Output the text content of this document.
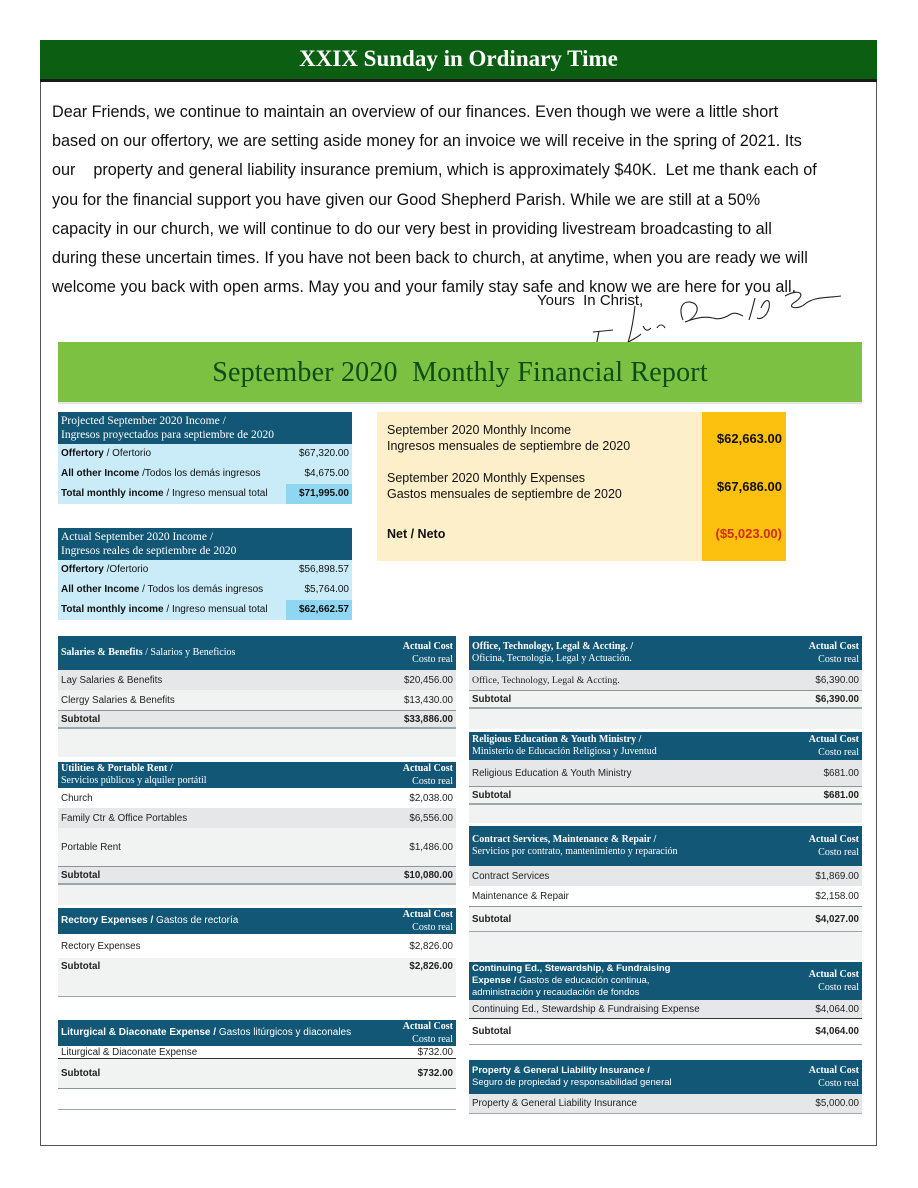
XXIX Sunday in Ordinary Time

Dear Friends, we continue to maintain an overview of our finances. Even though we were a little short

based on our offertory, we are setting aside money for an invoice we will receive in the spring of 2021. Its

our    property and general liability insurance premium, which is approximately $40K.  Let me thank each of

you for the financial support you have given our Good Shepherd Parish. While we are still at a 50%

capacity in our church, we will continue to do our very best in providing livestream broadcasting to all

during these uncertain times. If you have not been back to church, at anytime, when you are ready we will

welcome you back with open arms. May you and your family stay safe and know we are here for you all.

Yours  In Christ,
September 2020  Monthly Financial Report
Projected September 2020 Income /
Ingresos proyectados para septiembre de 2020
Offertory / Ofertorio	$67,320.00
All other Income /Todos los demás ingresos	$4,675.00
Total monthly income / Ingreso mensual total	$71,995.00
Actual September 2020 Income /
Ingresos reales de septiembre de 2020
Offertory /Ofertorio	$56,898.57
All other Income / Todos los demás ingresos	$5,764.00
Total monthly income / Ingreso mensual total	$62,662.57
September 2020 Monthly Income
Ingresos mensuales de septiembre de 2020	$62,663.00
September 2020 Monthly Expenses
Gastos mensuales de septiembre de 2020	$67,686.00
Net / Neto	($5,023.00)
Salaries & Benefits / Salarios y Beneficios
Actual Cost
Costo real
Lay Salaries & Benefits	$20,456.00
Clergy Salaries & Benefits	$13,430.00
Subtotal	$33,886.00
Utilities & Portable Rent /
Servicios públicos y alquiler portátil
Actual Cost
Costo real
Church	$2,038.00
Family Ctr & Office Portables	$6,556.00
Portable Rent	$1,486.00
Subtotal	$10,080.00
Rectory Expenses / Gastos de rectoría
Actual Cost
Costo real
Rectory Expenses	$2,826.00
Subtotal	$2,826.00
Liturgical & Diaconate Expense / Gastos litúrgicos y diaconales
Actual Cost
Costo real
Liturgical & Diaconate Expense	$732.00
Subtotal	$732.00
Office, Technology, Legal & Accting. /
Oficina, Tecnología, Legal y Actuación.
Actual Cost
Costo real
Office, Technology, Legal & Accting.	$6,390.00
Subtotal	$6,390.00
Religious Education & Youth Ministry /
Ministerio de Educación Religiosa y Juventud
Actual Cost
Costo real
Religious Education & Youth Ministry	$681.00
Subtotal	$681.00
Contract Services, Maintenance & Repair /
Servicios por contrato, mantenimiento y reparación
Actual Cost
Costo real
Contract Services	$1,869.00
Maintenance & Repair	$2,158.00
Subtotal	$4,027.00
Continuing Ed., Stewardship, & Fundraising Expense / Gastos de educación continua, administración y recaudación de fondos
Actual Cost
Costo real
Continuing Ed., Stewardship & Fundraising Expense	$4,064.00
Subtotal	$4,064.00
Property & General Liability Insurance /
Seguro de propiedad y responsabilidad general
Actual Cost
Costo real
Property & General Liability Insurance	$5,000.00
